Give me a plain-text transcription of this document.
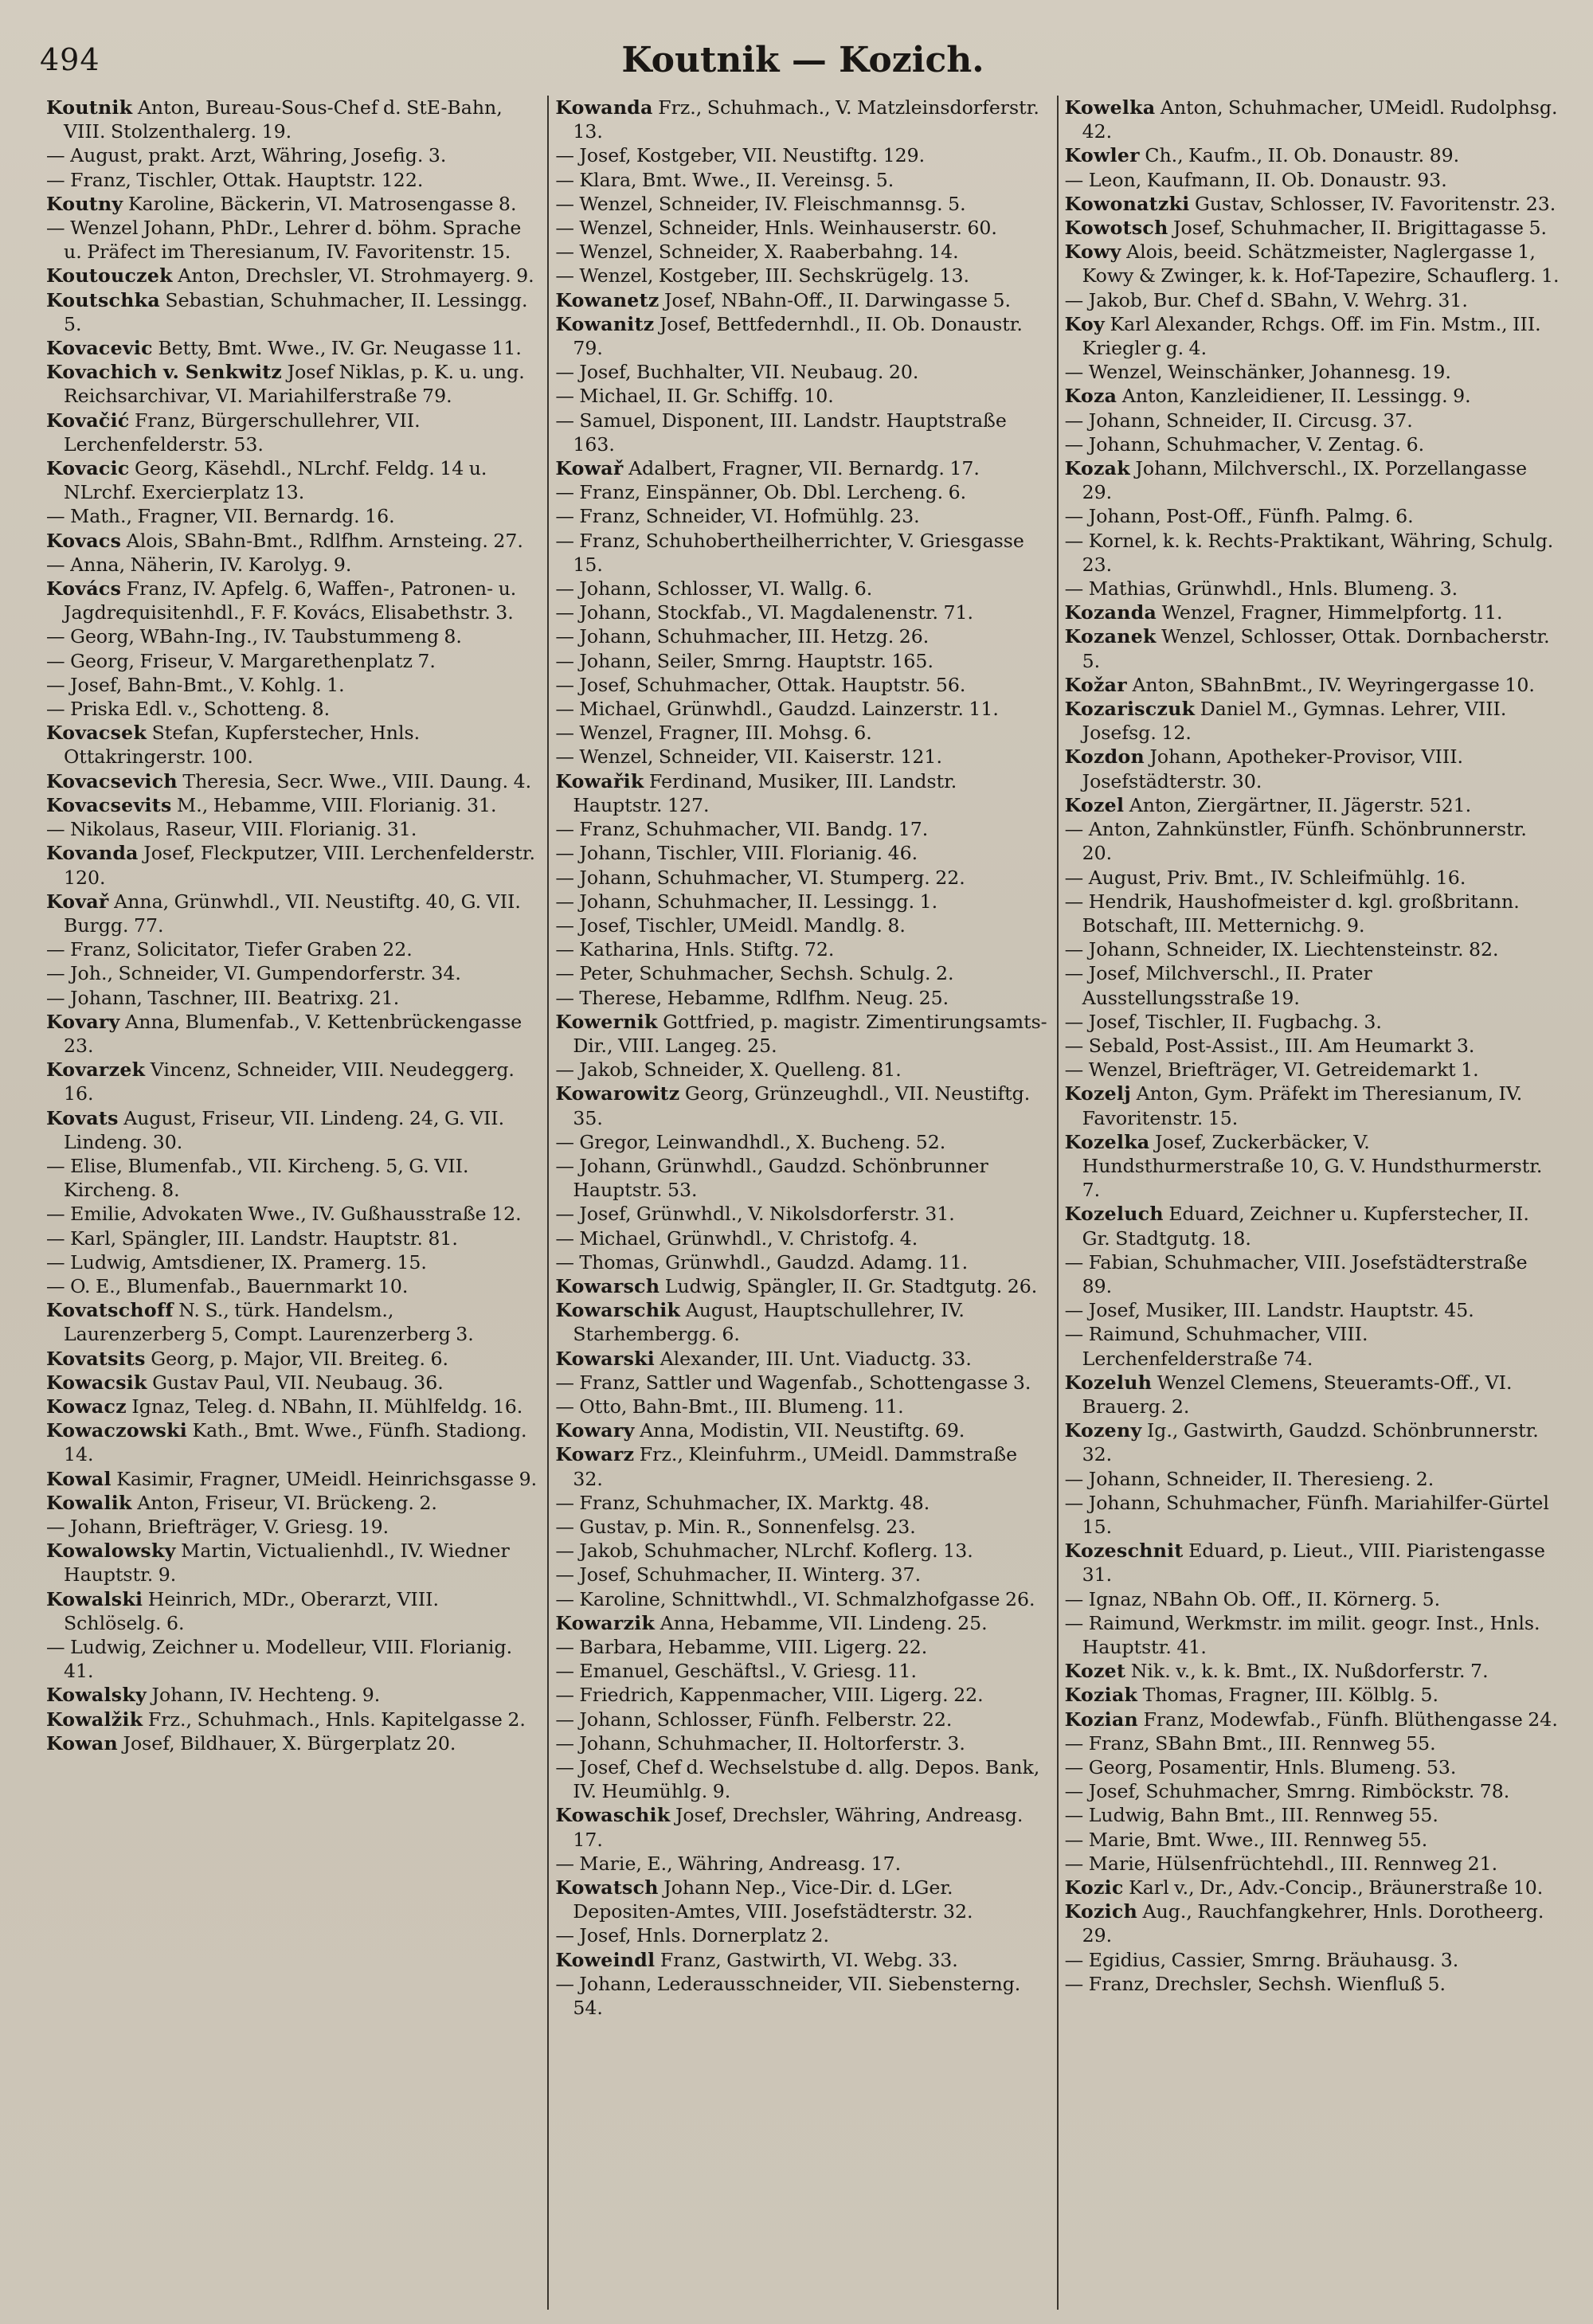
494	Koutnik — Kozich.

Koutnik Anton, Bureau-Sous-Chef d. StE-Bahn, VIII. Stolzenthalerg. 19.

— August, prakt. Arzt, Währing, Josefig. 3.

— Franz, Tischler, Ottak. Hauptstr. 122.

Koutny Karoline, Bäckerin, VI. Matrosengasse 8.

— Wenzel Johann, PhDr., Lehrer d. böhm. Sprache u. Präfect im Theresianum, IV. Favoritenstr. 15.

Koutouczek Anton, Drechsler, VI. Strohmayerg. 9.

Koutschka Sebastian, Schuhmacher, II. Lessingg. 5.

Kovacevic Betty, Bmt. Wwe., IV. Gr. Neugasse 11.

Kovachich v. Senkwitz Josef Niklas, p. K. u. ung. Reichsarchivar, VI. Mariahilferstraße 79.

Kovačić Franz, Bürgerschullehrer, VII. Lerchenfelderstr. 53.

Kovacic Georg, Käsehdl., NLrchf. Feldg. 14 u. NLrchf. Exercierplatz 13.

— Math., Fragner, VII. Bernardg. 16.

Kovacs Alois, SBahn-Bmt., Rdlfhm. Arnsteing. 27.

— Anna, Näherin, IV. Karolyg. 9.

Kovács Franz, IV. Apfelg. 6, Waffen-, Patronen- u. Jagdrequisitenhdl., F. F. Kovács, Elisabethstr. 3.

— Georg, WBahn-Ing., IV. Taubstummeng 8.

— Georg, Friseur, V. Margarethenplatz 7.

— Josef, Bahn-Bmt., V. Kohlg. 1.

— Priska Edl. v., Schotteng. 8.

Kovacsek Stefan, Kupferstecher, Hnls. Ottakringerstr. 100.

Kovacsevich Theresia, Secr. Wwe., VIII. Daung. 4.

Kovacsevits M., Hebamme, VIII. Florianig. 31.

— Nikolaus, Raseur, VIII. Florianig. 31.

Kovanda Josef, Fleckputzer, VIII. Lerchenfelderstr. 120.

Kovař Anna, Grünwhdl., VII. Neustiftg. 40, G. VII. Burgg. 77.

— Franz, Solicitator, Tiefer Graben 22.

— Joh., Schneider, VI. Gumpendorferstr. 34.

— Johann, Taschner, III. Beatrixg. 21.

Kovary Anna, Blumenfab., V. Kettenbrückengasse 23.

Kovarzek Vincenz, Schneider, VIII. Neudeggerg. 16.

Kovats August, Friseur, VII. Lindeng. 24, G. VII. Lindeng. 30.

— Elise, Blumenfab., VII. Kircheng. 5, G. VII. Kircheng. 8.

— Emilie, Advokaten Wwe., IV. Gußhausstraße 12.

— Karl, Spängler, III. Landstr. Hauptstr. 81.

— Ludwig, Amtsdiener, IX. Pramerg. 15.

— O. E., Blumenfab., Bauernmarkt 10.

Kovatschoff N. S., türk. Handelsm., Laurenzerberg 5, Compt. Laurenzerberg 3.

Kovatsits Georg, p. Major, VII. Breiteg. 6.

Kowacsik Gustav Paul, VII. Neubaug. 36.

Kowacz Ignaz, Teleg. d. NBahn, II. Mühlfeldg. 16.

Kowaczowski Kath., Bmt. Wwe., Fünfh. Stadiong. 14.

Kowal Kasimir, Fragner, UMeidl. Heinrichsgasse 9.

Kowalik Anton, Friseur, VI. Brückeng. 2.

— Johann, Briefträger, V. Griesg. 19.

Kowalowsky Martin, Victualienhdl., IV. Wiedner Hauptstr. 9.

Kowalski Heinrich, MDr., Oberarzt, VIII. Schlöselg. 6.

— Ludwig, Zeichner u. Modelleur, VIII. Florianig. 41.

Kowalsky Johann, IV. Hechteng. 9.

Kowalžik Frz., Schuhmach., Hnls. Kapitelgasse 2.

Kowan Josef, Bildhauer, X. Bürgerplatz 20.

Kowanda Frz., Schuhmach., V. Matzleinsdorferstr. 13.

— Josef, Kostgeber, VII. Neustiftg. 129.

— Klara, Bmt. Wwe., II. Vereinsg. 5.

— Wenzel, Schneider, IV. Fleischmannsg. 5.

— Wenzel, Schneider, Hnls. Weinhauserstr. 60.

— Wenzel, Schneider, X. Raaberbahng. 14.

— Wenzel, Kostgeber, III. Sechskrügelg. 13.

Kowanetz Josef, NBahn-Off., II. Darwingasse 5.

Kowanitz Josef, Bettfedernhdl., II. Ob. Donaustr. 79.

— Josef, Buchhalter, VII. Neubaug. 20.

— Michael, II. Gr. Schiffg. 10.

— Samuel, Disponent, III. Landstr. Hauptstraße 163.

Kowař Adalbert, Fragner, VII. Bernardg. 17.

— Franz, Einspänner, Ob. Dbl. Lercheng. 6.

— Franz, Schneider, VI. Hofmühlg. 23.

— Franz, Schuhobertheilherrichter, V. Griesgasse 15.

— Johann, Schlosser, VI. Wallg. 6.

— Johann, Stockfab., VI. Magdalenenstr. 71.

— Johann, Schuhmacher, III. Hetzg. 26.

— Johann, Seiler, Smrng. Hauptstr. 165.

— Josef, Schuhmacher, Ottak. Hauptstr. 56.

— Michael, Grünwhdl., Gaudzd. Lainzerstr. 11.

— Wenzel, Fragner, III. Mohsg. 6.

— Wenzel, Schneider, VII. Kaiserstr. 121.

Kowařik Ferdinand, Musiker, III. Landstr. Hauptstr. 127.

— Franz, Schuhmacher, VII. Bandg. 17.

— Johann, Tischler, VIII. Florianig. 46.

— Johann, Schuhmacher, VI. Stumperg. 22.

— Johann, Schuhmacher, II. Lessingg. 1.

— Josef, Tischler, UMeidl. Mandlg. 8.

— Katharina, Hnls. Stiftg. 72.

— Peter, Schuhmacher, Sechsh. Schulg. 2.

— Therese, Hebamme, Rdlfhm. Neug. 25.

Kowernik Gottfried, p. magistr. Zimentirungsamts-Dir., VIII. Langeg. 25.

— Jakob, Schneider, X. Quelleng. 81.

Kowarowitz Georg, Grünzeughdl., VII. Neustiftg. 35.

— Gregor, Leinwandhdl., X. Bucheng. 52.

— Johann, Grünwhdl., Gaudzd. Schönbrunner Hauptstr. 53.

— Josef, Grünwhdl., V. Nikolsdorferstr. 31.

— Michael, Grünwhdl., V. Christofg. 4.

— Thomas, Grünwhdl., Gaudzd. Adamg. 11.

Kowarsch Ludwig, Spängler, II. Gr. Stadtgutg. 26.

Kowarschik August, Hauptschullehrer, IV. Starhembergg. 6.

Kowarski Alexander, III. Unt. Viaductg. 33.

— Franz, Sattler und Wagenfab., Schottengasse 3.

— Otto, Bahn-Bmt., III. Blumeng. 11.

Kowary Anna, Modistin, VII. Neustiftg. 69.

Kowarz Frz., Kleinfuhrm., UMeidl. Dammstraße 32.

— Franz, Schuhmacher, IX. Marktg. 48.

— Gustav, p. Min. R., Sonnenfelsg. 23.

— Jakob, Schuhmacher, NLrchf. Koflerg. 13.

— Josef, Schuhmacher, II. Winterg. 37.

— Karoline, Schnittwhdl., VI. Schmalzhofgasse 26.

Kowarzik Anna, Hebamme, VII. Lindeng. 25.

— Barbara, Hebamme, VIII. Ligerg. 22.

— Emanuel, Geschäftsl., V. Griesg. 11.

— Friedrich, Kappenmacher, VIII. Ligerg. 22.

— Johann, Schlosser, Fünfh. Felberstr. 22.

— Johann, Schuhmacher, II. Holtorferstr. 3.

— Josef, Chef d. Wechselstube d. allg. Depos. Bank, IV. Heumühlg. 9.

Kowaschik Josef, Drechsler, Währing, Andreasg. 17.

— Marie, E., Währing, Andreasg. 17.

Kowatsch Johann Nep., Vice-Dir. d. LGer. Depositen-Amtes, VIII. Josefstädterstr. 32.

— Josef, Hnls. Dornerplatz 2.

Koweindl Franz, Gastwirth, VI. Webg. 33.

— Johann, Lederausschneider, VII. Siebensterng. 54.

Kowelka Anton, Schuhmacher, UMeidl. Rudolphsg. 42.

Kowler Ch., Kaufm., II. Ob. Donaustr. 89.

— Leon, Kaufmann, II. Ob. Donaustr. 93.

Kowonatzki Gustav, Schlosser, IV. Favoritenstr. 23.

Kowotsch Josef, Schuhmacher, II. Brigittagasse 5.

Kowy Alois, beeid. Schätzmeister, Naglergasse 1, Kowy & Zwinger, k. k. Hof-Tapezire, Schauflerg. 1.

— Jakob, Bur. Chef d. SBahn, V. Wehrg. 31.

Koy Karl Alexander, Rchgs. Off. im Fin. Mstm., III. Kriegler g. 4.

— Wenzel, Weinschänker, Johannesg. 19.

Koza Anton, Kanzleidiener, II. Lessingg. 9.

— Johann, Schneider, II. Circusg. 37.

— Johann, Schuhmacher, V. Zentag. 6.

Kozak Johann, Milchverschl., IX. Porzellangasse 29.

— Johann, Post-Off., Fünfh. Palmg. 6.

— Kornel, k. k. Rechts-Praktikant, Währing, Schulg. 23.

— Mathias, Grünwhdl., Hnls. Blumeng. 3.

Kozanda Wenzel, Fragner, Himmelpfortg. 11.

Kozanek Wenzel, Schlosser, Ottak. Dornbacherstr. 5.

Kožar Anton, SBahnBmt., IV. Weyringergasse 10.

Kozarisczuk Daniel M., Gymnas. Lehrer, VIII. Josefsg. 12.

Kozdon Johann, Apotheker-Provisor, VIII. Josefstädterstr. 30.

Kozel Anton, Ziergärtner, II. Jägerstr. 521.

— Anton, Zahnkünstler, Fünfh. Schönbrunnerstr. 20.

— August, Priv. Bmt., IV. Schleifmühlg. 16.

— Hendrik, Haushofmeister d. kgl. großbritann. Botschaft, III. Metternichg. 9.

— Johann, Schneider, IX. Liechtensteinstr. 82.

— Josef, Milchverschl., II. Prater Ausstellungsstraße 19.

— Josef, Tischler, II. Fugbachg. 3.

— Sebald, Post-Assist., III. Am Heumarkt 3.

— Wenzel, Briefträger, VI. Getreidemarkt 1.

Kozelj Anton, Gym. Präfekt im Theresianum, IV. Favoritenstr. 15.

Kozelka Josef, Zuckerbäcker, V. Hundsthurmerstraße 10, G. V. Hundsthurmerstr. 7.

Kozeluch Eduard, Zeichner u. Kupferstecher, II. Gr. Stadtgutg. 18.

— Fabian, Schuhmacher, VIII. Josefstädterstraße 89.

— Josef, Musiker, III. Landstr. Hauptstr. 45.

— Raimund, Schuhmacher, VIII. Lerchenfelderstraße 74.

Kozeluh Wenzel Clemens, Steueramts-Off., VI. Brauerg. 2.

Kozeny Ig., Gastwirth, Gaudzd. Schönbrunnerstr. 32.

— Johann, Schneider, II. Theresieng. 2.

— Johann, Schuhmacher, Fünfh. Mariahilfer-Gürtel 15.

Kozeschnit Eduard, p. Lieut., VIII. Piaristengasse 31.

— Ignaz, NBahn Ob. Off., II. Körnerg. 5.

— Raimund, Werkmstr. im milit. geogr. Inst., Hnls. Hauptstr. 41.

Kozet Nik. v., k. k. Bmt., IX. Nußdorferstr. 7.

Koziak Thomas, Fragner, III. Kölblg. 5.

Kozian Franz, Modewfab., Fünfh. Blüthengasse 24.

— Franz, SBahn Bmt., III. Rennweg 55.

— Georg, Posamentir, Hnls. Blumeng. 53.

— Josef, Schuhmacher, Smrng. Rimböckstr. 78.

— Ludwig, Bahn Bmt., III. Rennweg 55.

— Marie, Bmt. Wwe., III. Rennweg 55.

— Marie, Hülsenfrüchtehdl., III. Rennweg 21.

Kozic Karl v., Dr., Adv.-Concip., Bräunerstraße 10.

Kozich Aug., Rauchfangkehrer, Hnls. Dorotheerg. 29.

— Egidius, Cassier, Smrng. Bräuhausg. 3.

— Franz, Drechsler, Sechsh. Wienfluß 5.
